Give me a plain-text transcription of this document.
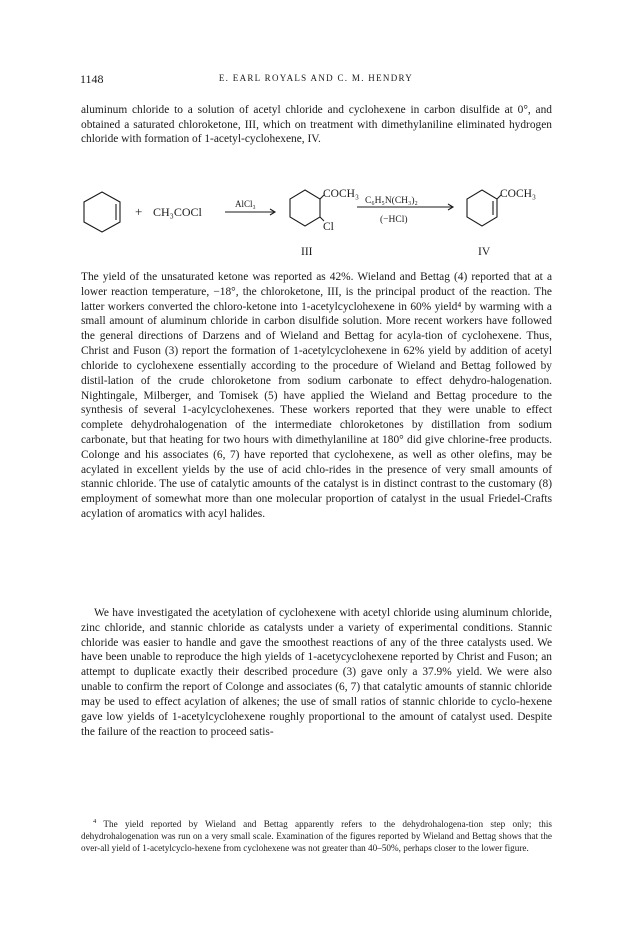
1148	E. EARL ROYALS AND C. M. HENDRY

aluminum chloride to a solution of acetyl chloride and cyclohexene in carbon disulfide at 0°, and obtained a saturated chloroketone, III, which on treatment with dimethylaniline eliminated hydrogen chloride with formation of 1-acetyl-cyclohexene, IV.

+ CH₃COCl
AlCl₃
COCH₃
Cl
C₆H₅N(CH₃)₂
(−HCl)
COCH₃
III	IV

The yield of the unsaturated ketone was reported as 42%. Wieland and Bettag (4) reported that at a lower reaction temperature, −18°, the chloroketone, III, is the principal product of the reaction. The latter workers converted the chloro-ketone into 1-acetylcyclohexene in 60% yield⁴ by warming with a small amount of aluminum chloride in carbon disulfide solution. More recent workers have followed the general directions of Darzens and of Wieland and Bettag for acyla-tion of cyclohexene. Thus, Christ and Fuson (3) report the formation of 1-acetylcyclohexene in 62% yield by addition of acetyl chloride to cyclohexene essentially according to the procedure of Wieland and Bettag followed by distil-lation of the crude chloroketone from sodium carbonate to effect dehydro-halogenation. Nightingale, Milberger, and Tomisek (5) have applied the Wieland and Bettag procedure to the synthesis of several 1-acylcyclohexenes. These workers reported that they were unable to effect complete dehydrohalogenation of the intermediate chloroketones by distillation from sodium carbonate, but that heating for two hours with dimethylaniline at 180° did give chlorine-free products. Colonge and his associates (6, 7) have reported that cyclohexene, as well as other olefins, may be acylated in excellent yields by the use of acid chlo-rides in the presence of very small amounts of stannic chloride. The use of catalytic amounts of the catalyst is in distinct contrast to the customary (8) employment of somewhat more than one molecular proportion of catalyst in the usual Friedel-Crafts acylation of aromatics with acyl halides.

We have investigated the acetylation of cyclohexene with acetyl chloride using aluminum chloride, zinc chloride, and stannic chloride as catalysts under a variety of experimental conditions. Stannic chloride was easier to handle and gave the smoothest reactions of any of the three catalysts used. We have been unable to reproduce the high yields of 1-acetycyclohexene reported by Christ and Fuson; an attempt to duplicate exactly their described procedure (3) gave only a 37.9% yield. We were also unable to confirm the report of Colonge and associates (6, 7) that catalytic amounts of stannic chloride may be used to effect acylation of alkenes; the use of small ratios of stannic chloride to cyclo-hexene gave low yields of 1-acetylcyclohexene roughly proportional to the amount of catalyst used. Despite the failure of the reaction to proceed satis-

$^4$ The yield reported by Wieland and Bettag apparently refers to the dehydrohalogena-tion step only; this dehydrohalogenation was run on a very small scale. Examination of the figures reported by Wieland and Bettag shows that the over-all yield of 1-acetylcyclo-hexene from cyclohexene was not greater than 40–50%, perhaps closer to the lower figure.
